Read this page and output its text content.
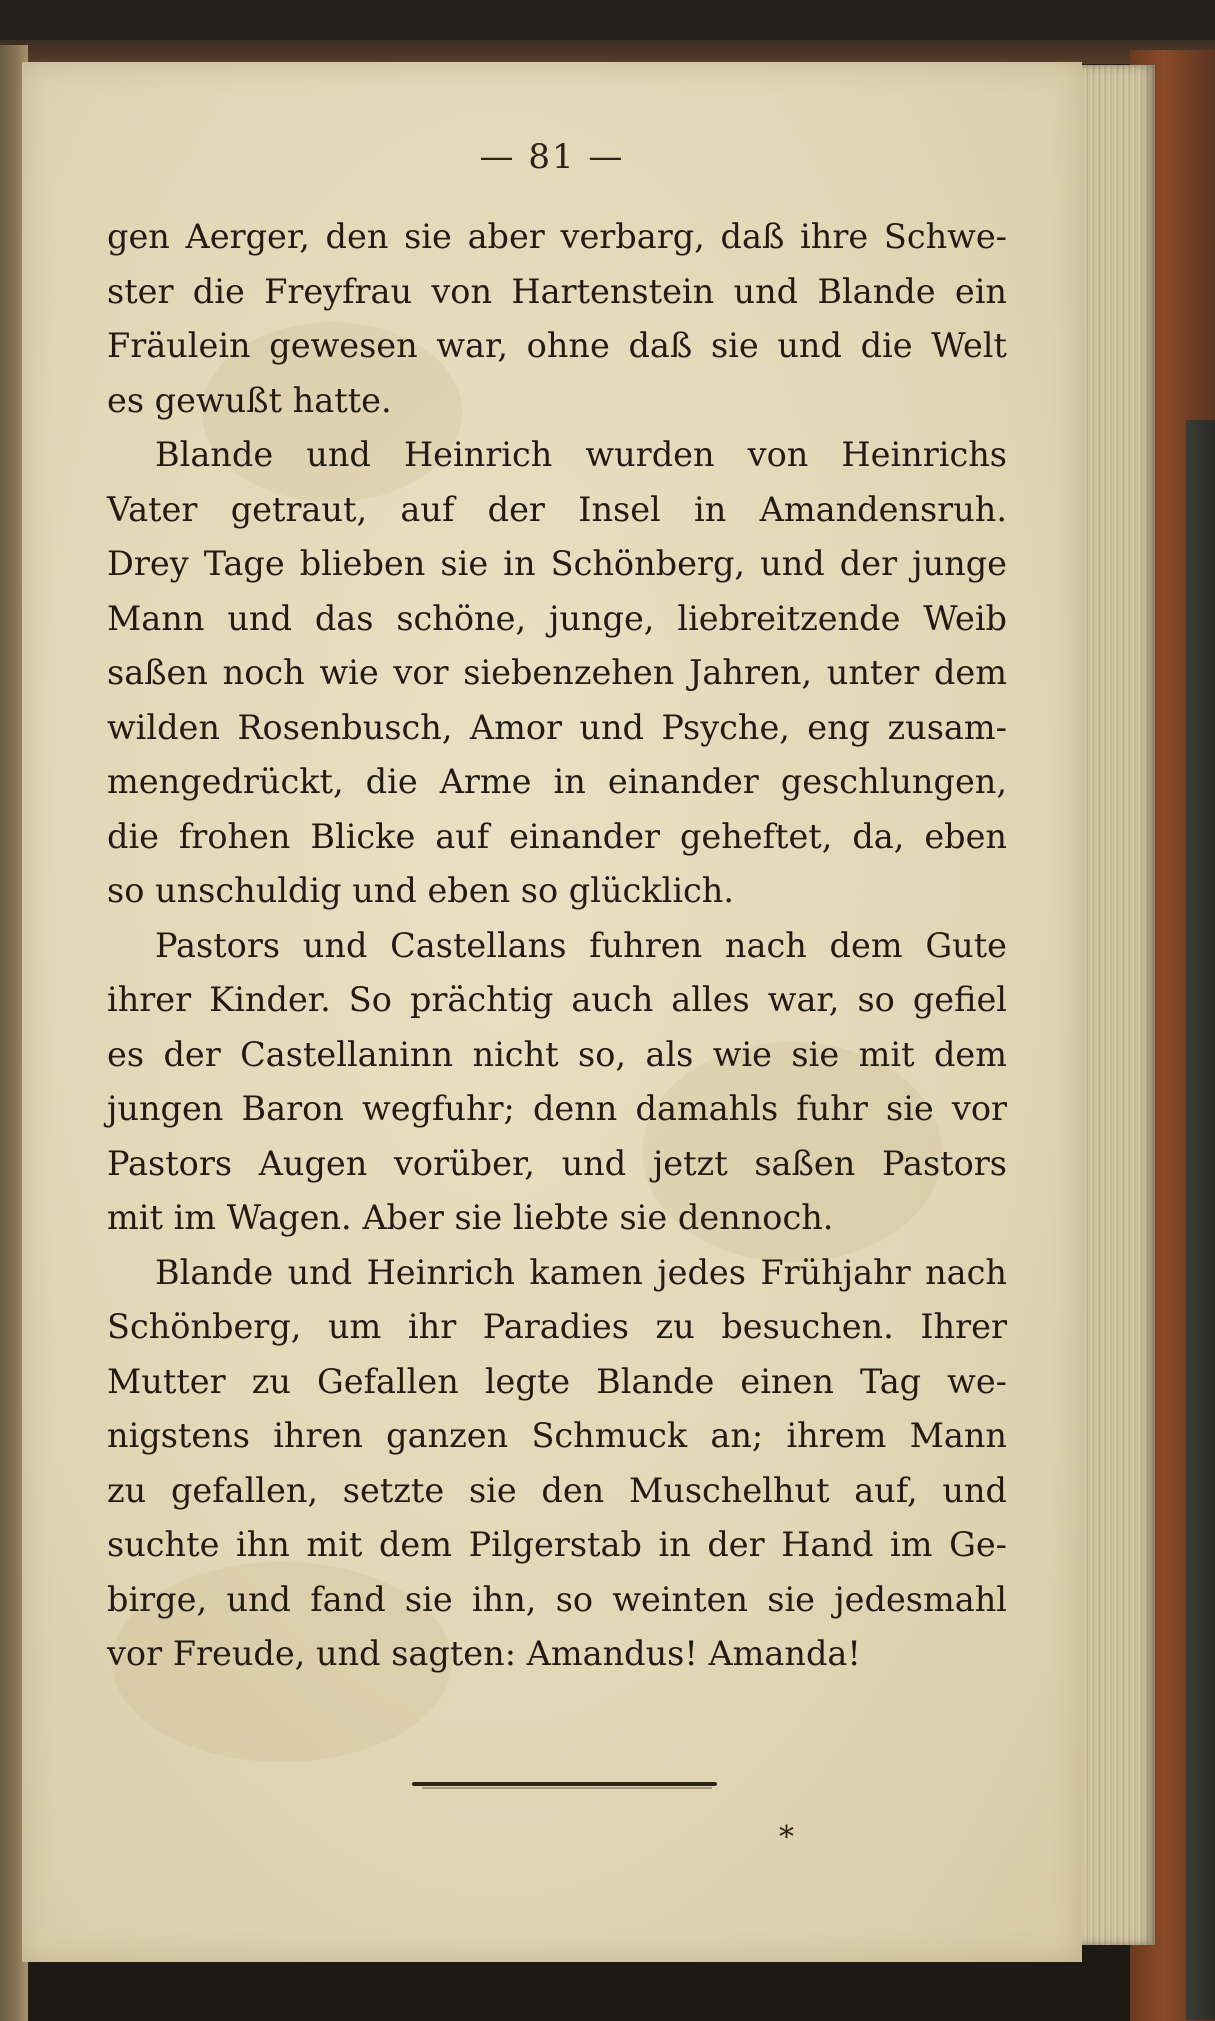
— 81 —

gen Aerger, den sie aber verbarg, daß ihre Schwe-
ster die Freyfrau von Hartenstein und Blande ein
Fräulein gewesen war, ohne daß sie und die Welt
es gewußt hatte.

Blande und Heinrich wurden von Heinrichs
Vater getraut, auf der Insel in Amandensruh.
Drey Tage blieben sie in Schönberg, und der junge
Mann und das schöne, junge, liebreitzende Weib
saßen noch wie vor siebenzehen Jahren, unter dem
wilden Rosenbusch, Amor und Psyche, eng zusam-
mengedrückt, die Arme in einander geschlungen,
die frohen Blicke auf einander geheftet, da, eben
so unschuldig und eben so glücklich.

Pastors und Castellans fuhren nach dem Gute
ihrer Kinder. So prächtig auch alles war, so gefiel
es der Castellaninn nicht so, als wie sie mit dem
jungen Baron wegfuhr; denn damahls fuhr sie vor
Pastors Augen vorüber, und jetzt saßen Pastors
mit im Wagen. Aber sie liebte sie dennoch.

Blande und Heinrich kamen jedes Frühjahr nach
Schönberg, um ihr Paradies zu besuchen. Ihrer
Mutter zu Gefallen legte Blande einen Tag we-
nigstens ihren ganzen Schmuck an; ihrem Mann
zu gefallen, setzte sie den Muschelhut auf, und
suchte ihn mit dem Pilgerstab in der Hand im Ge-
birge, und fand sie ihn, so weinten sie jedesmahl
vor Freude, und sagten: Amandus! Amanda!

*
